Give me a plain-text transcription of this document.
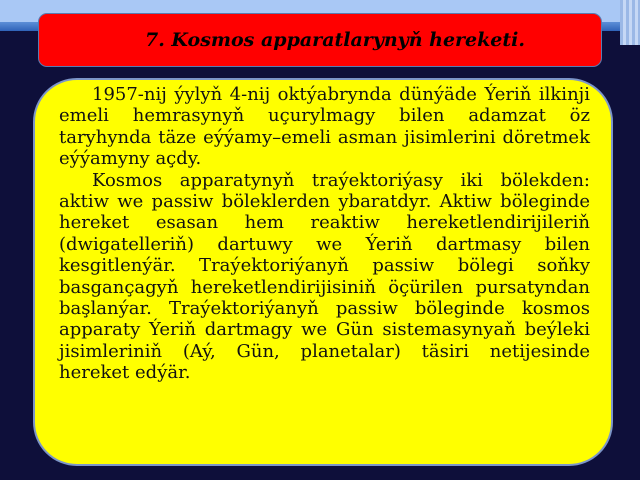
7. Kosmos apparatlarynyň hereketi.

1957-nij ýylyň 4-nij oktýabrynda dünýäde Ýeriň ilkinji emeli hemrasynyň uçurylmagy bilen adamzat öz taryhynda täze eýýamy–emeli asman jisimlerini döretmek eýýamyny açdy.

Kosmos apparatynyň traýektoriýasy iki bölekden: aktiw we passiw böleklerden ybaratdyr. Aktiw böleginde hereket esasan hem reaktiw hereketlendirijileriň (dwigatelleriň) dartuwy we Ýeriň dartmasy bilen kesgitlenýär. Traýektoriýanyň passiw bölegi soňky basgançagyň hereketlendirijisiniň öçürilen pursatyndan başlanýar. Traýektoriýanyň passiw böleginde kosmos apparaty Ýeriň dartmagy we Gün sistemasynyaň beýleki jisimleriniň (Aý, Gün, planetalar) täsiri netijesinde hereket edýär.
